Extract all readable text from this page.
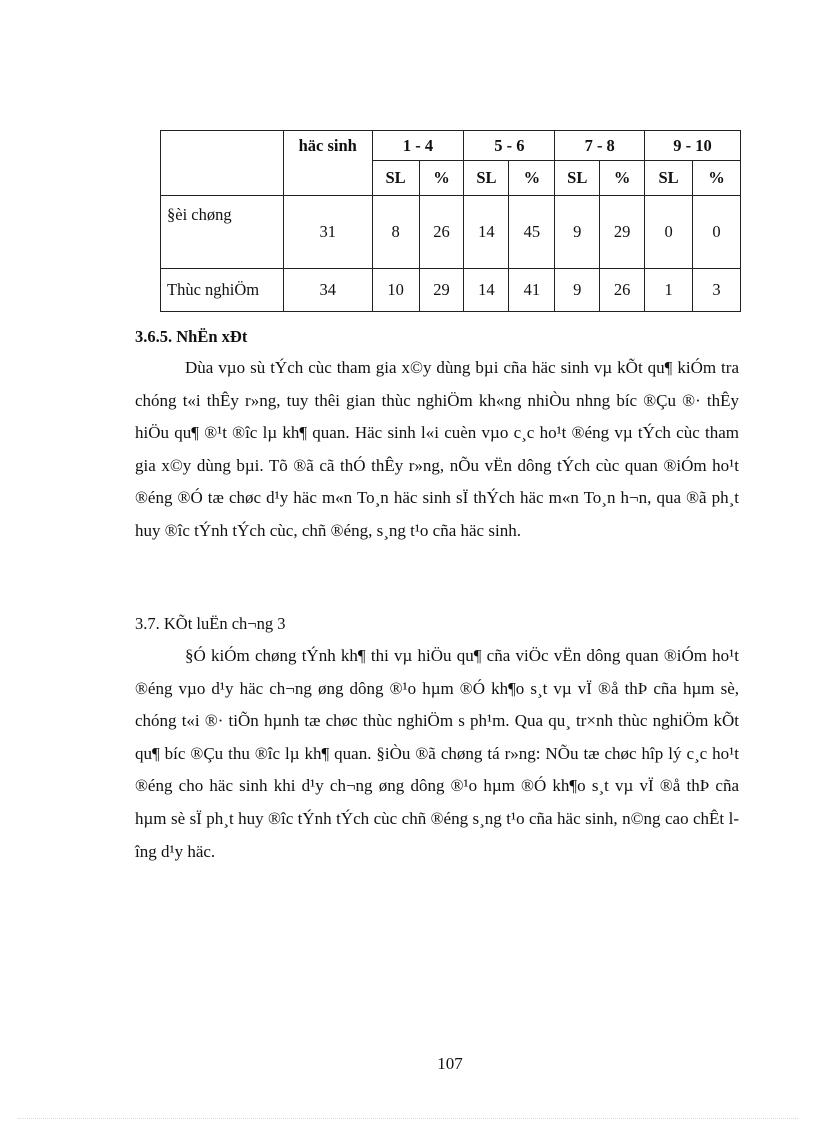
	häc sinh	1 - 4		5 - 6		7 - 8		9 - 10	
		SL	%	SL	%	SL	%	SL	%
§èi chøng	31	8	26	14	45	9	29	0	0
Thùc nghiÖm	34	10	29	14	41	9	26	1	3
3.6.5. NhËn xÐt

Dùa vµo sù tÝch cùc tham gia x©y dùng bµi cña häc sinh vµ kÕt qu¶ kiÓm tra chóng t«i thÊy r»ng, tuy thêi gian thùc nghiÖm kh«ng nhiÒu nhng bíc ®Çu ®· thÊy hiÖu qu¶ ®¹t ®îc lµ kh¶ quan. Häc sinh l«i cuèn vµo c¸c ho¹t ®éng vµ tÝch cùc tham gia x©y dùng bµi. Tõ ®ã cã thÓ thÊy r»ng, nÕu vËn dông tÝch cùc quan ®iÓm ho¹t ®éng ®Ó tæ chøc d¹y häc m«n To¸n häc sinh sÏ thÝch häc m«n To¸n h¬n, qua ®ã ph¸t huy ®îc tÝnh tÝch cùc, chñ ®éng, s¸ng t¹o cña häc sinh.

3.7. KÕt luËn ch¬ng 3

§Ó kiÓm chøng tÝnh kh¶ thi vµ hiÖu qu¶ cña viÖc vËn dông quan ®iÓm ho¹t ®éng vµo d¹y häc ch¬ng øng dông ®¹o hµm ®Ó kh¶o s¸t vµ vÏ ®å thÞ cña hµm sè, chóng t«i ®· tiÕn hµnh tæ chøc thùc nghiÖm s ph¹m. Qua qu¸ tr×nh thùc nghiÖm kÕt qu¶ bíc ®Çu thu ®îc lµ kh¶ quan. §iÒu ®ã chøng tá r»ng: NÕu tæ chøc hîp lý c¸c ho¹t ®éng cho häc sinh khi d¹y ch¬ng øng dông ®¹o hµm ®Ó kh¶o s¸t vµ vÏ ®å thÞ cña hµm sè sÏ ph¸t huy ®îc tÝnh tÝch cùc chñ ®éng s¸ng t¹o cña häc sinh, n©ng cao chÊt lîng d¹y häc.

107
